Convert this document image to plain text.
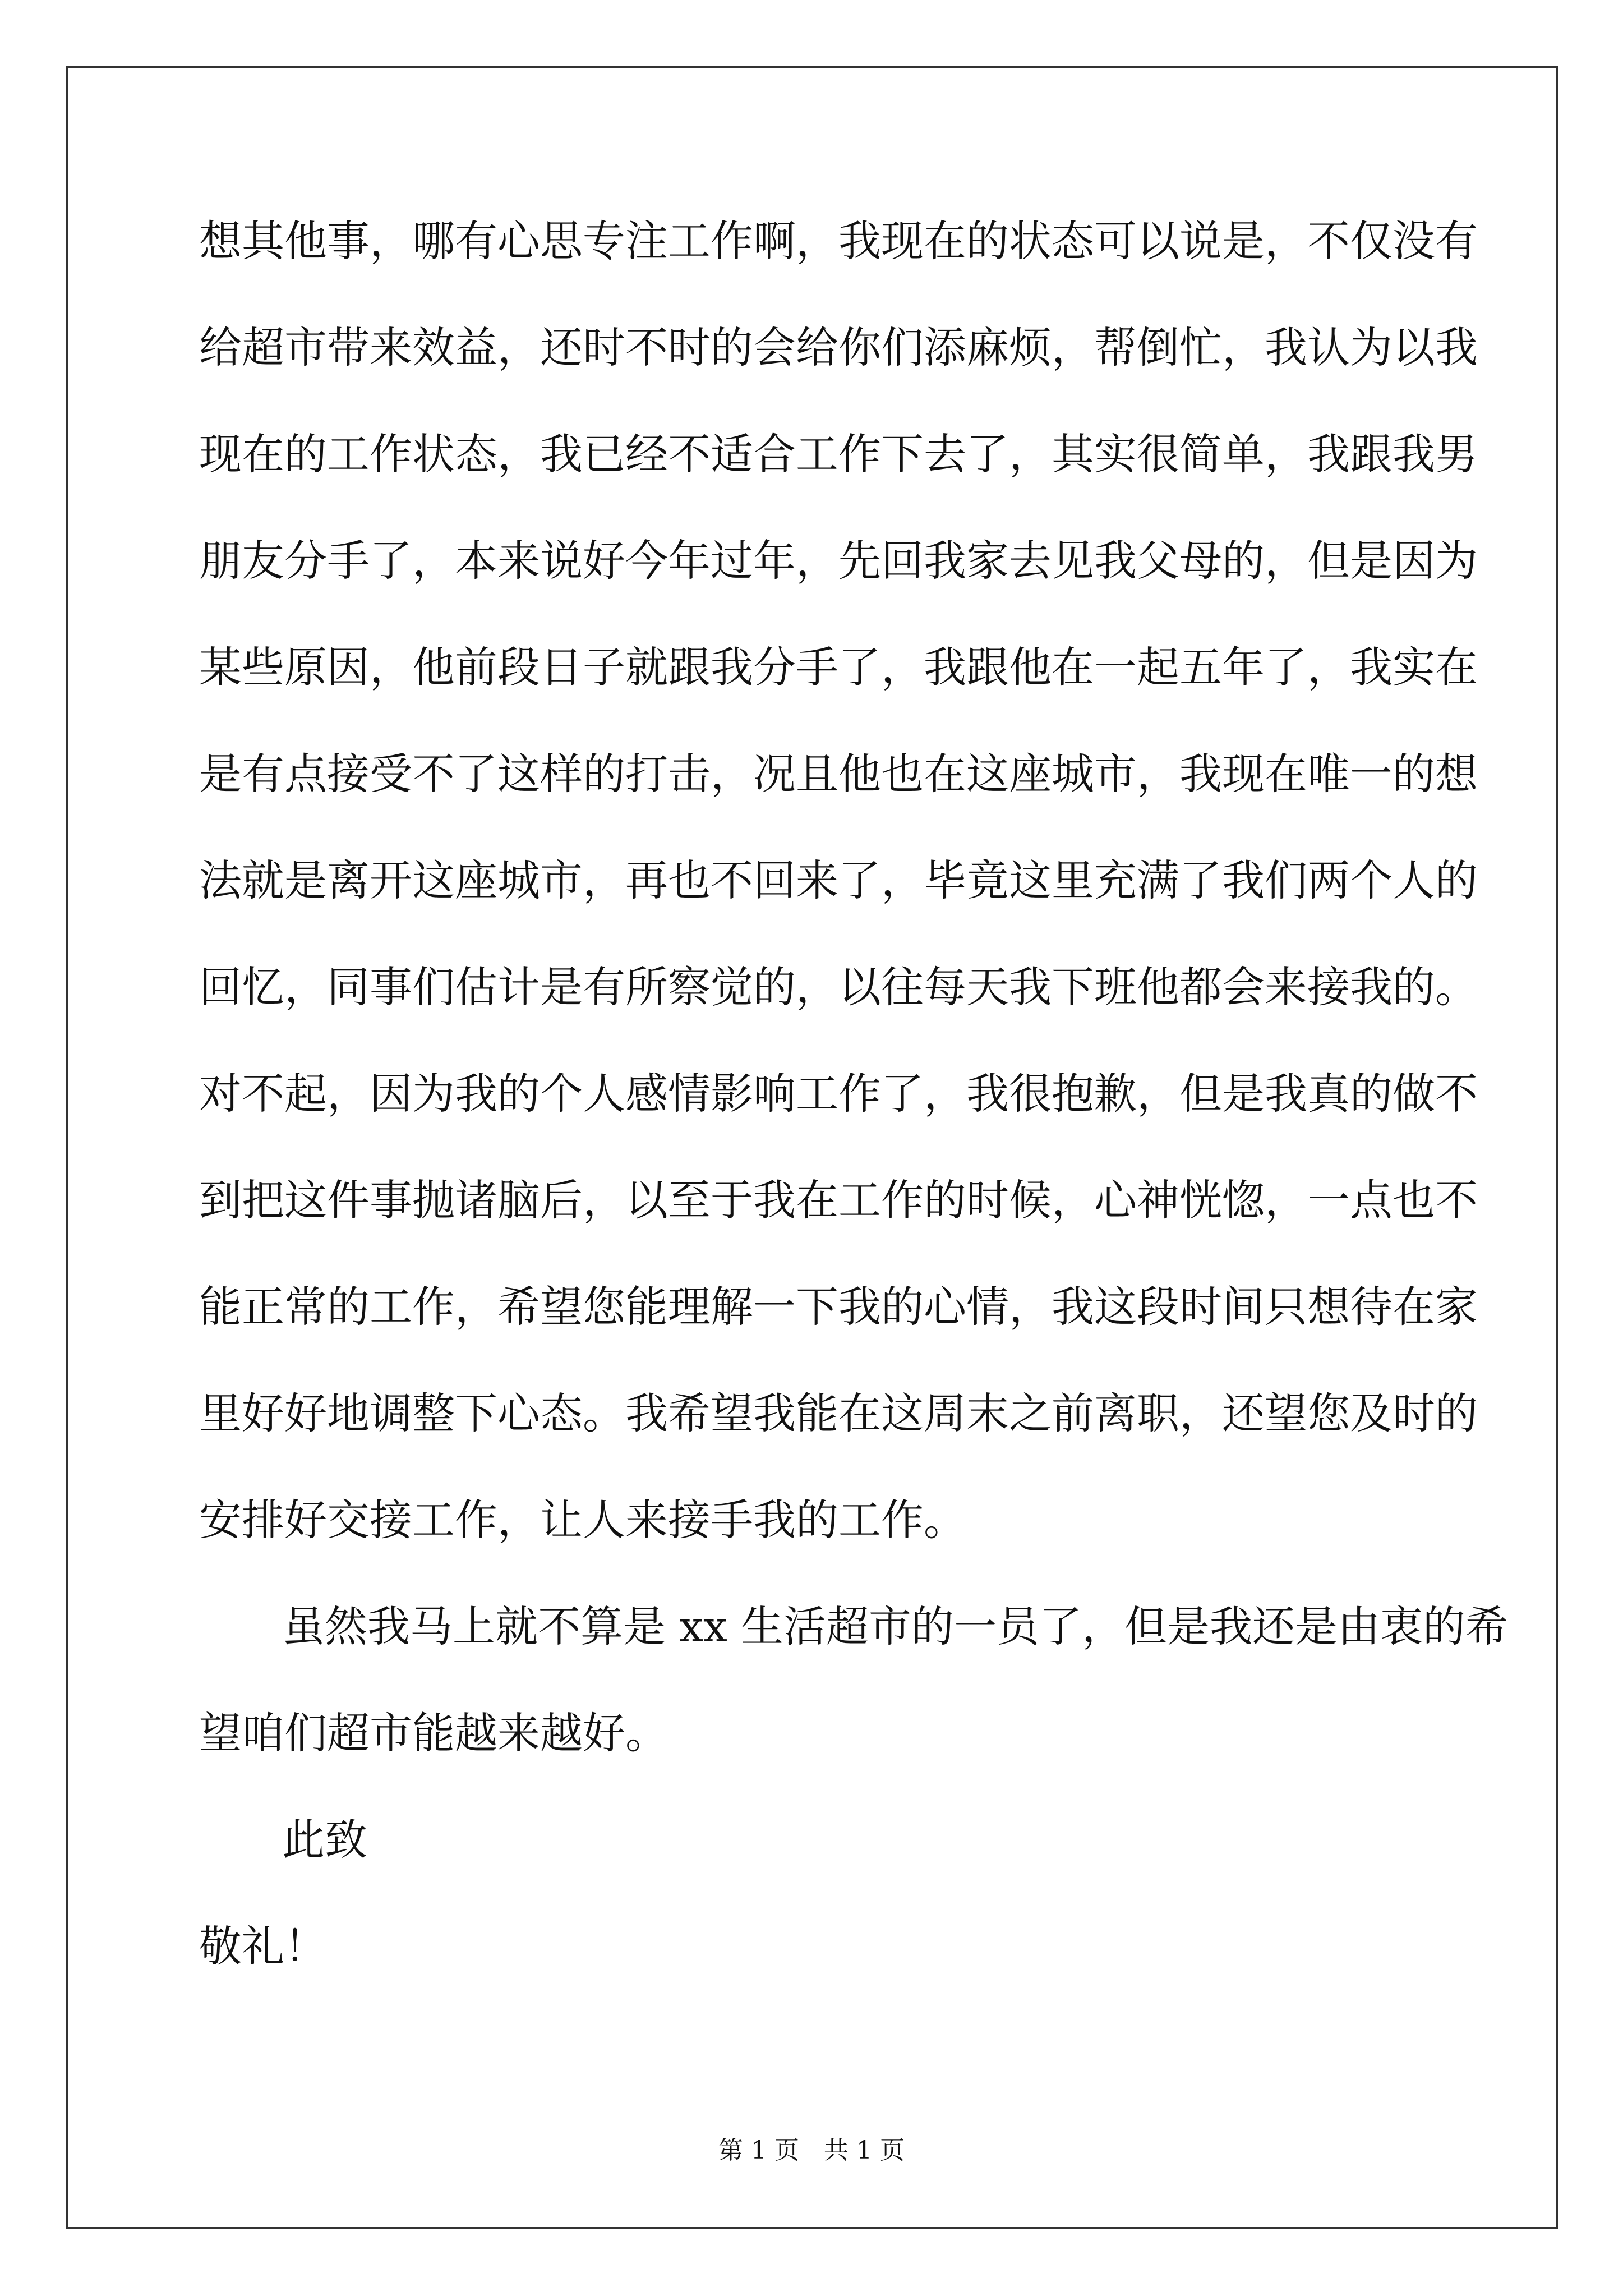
想其他事，哪有心思专注工作啊，我现在的状态可以说是，不仅没有
给超市带来效益，还时不时的会给你们添麻烦，帮倒忙，我认为以我
现在的工作状态，我已经不适合工作下去了，其实很简单，我跟我男
朋友分手了，本来说好今年过年，先回我家去见我父母的，但是因为
某些原因，他前段日子就跟我分手了，我跟他在一起五年了，我实在
是有点接受不了这样的打击，况且他也在这座城市，我现在唯一的想
法就是离开这座城市，再也不回来了，毕竟这里充满了我们两个人的
回忆，同事们估计是有所察觉的，以往每天我下班他都会来接我的。
对不起，因为我的个人感情影响工作了，我很抱歉，但是我真的做不
到把这件事抛诸脑后，以至于我在工作的时候，心神恍惚，一点也不
能正常的工作，希望您能理解一下我的心情，我这段时间只想待在家
里好好地调整下心态。我希望我能在这周末之前离职，还望您及时的
安排好交接工作，让人来接手我的工作。
虽然我马上就不算是 xx 生活超市的一员了，但是我还是由衷的希
望咱们超市能越来越好。
此致
敬礼！
第 1 页　共 1 页
